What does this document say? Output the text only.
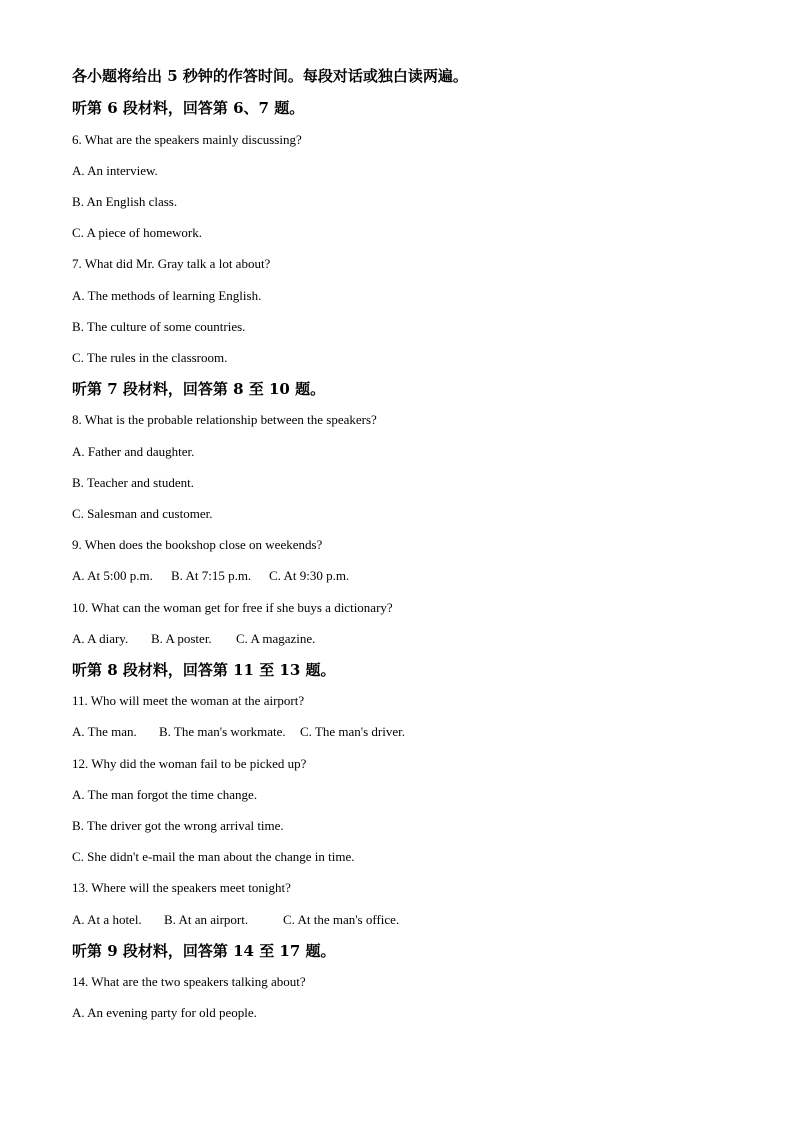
各小题将给出 5 秒钟的作答时间。每段对话或独白读两遍。
听第 6 段材料，回答第 6、7 题。
6. What are the speakers mainly discussing?
A. An interview.
B. An English class.
C. A piece of homework.
7. What did Mr. Gray talk a lot about?
A. The methods of learning English.
B. The culture of some countries.
C. The rules in the classroom.
听第 7 段材料，回答第 8 至 10 题。
8. What is the probable relationship between the speakers?
A. Father and daughter.
B. Teacher and student.
C. Salesman and customer.
9. When does the bookshop close on weekends?
A. At 5:00 p.m. B. At 7:15 p.m. C. At 9:30 p.m.
10. What can the woman get for free if she buys a dictionary?
A. A diary. B. A poster. C. A magazine.
听第 8 段材料，回答第 11 至 13 题。
11. Who will meet the woman at the airport?
A. The man. B. The man's workmate. C. The man's driver.
12. Why did the woman fail to be picked up?
A. The man forgot the time change.
B. The driver got the wrong arrival time.
C. She didn't e-mail the man about the change in time.
13. Where will the speakers meet tonight?
A. At a hotel. B. At an airport.	C. At the man's office.
听第 9 段材料，回答第 14 至 17 题。
14. What are the two speakers talking about?
A. An evening party for old people.
